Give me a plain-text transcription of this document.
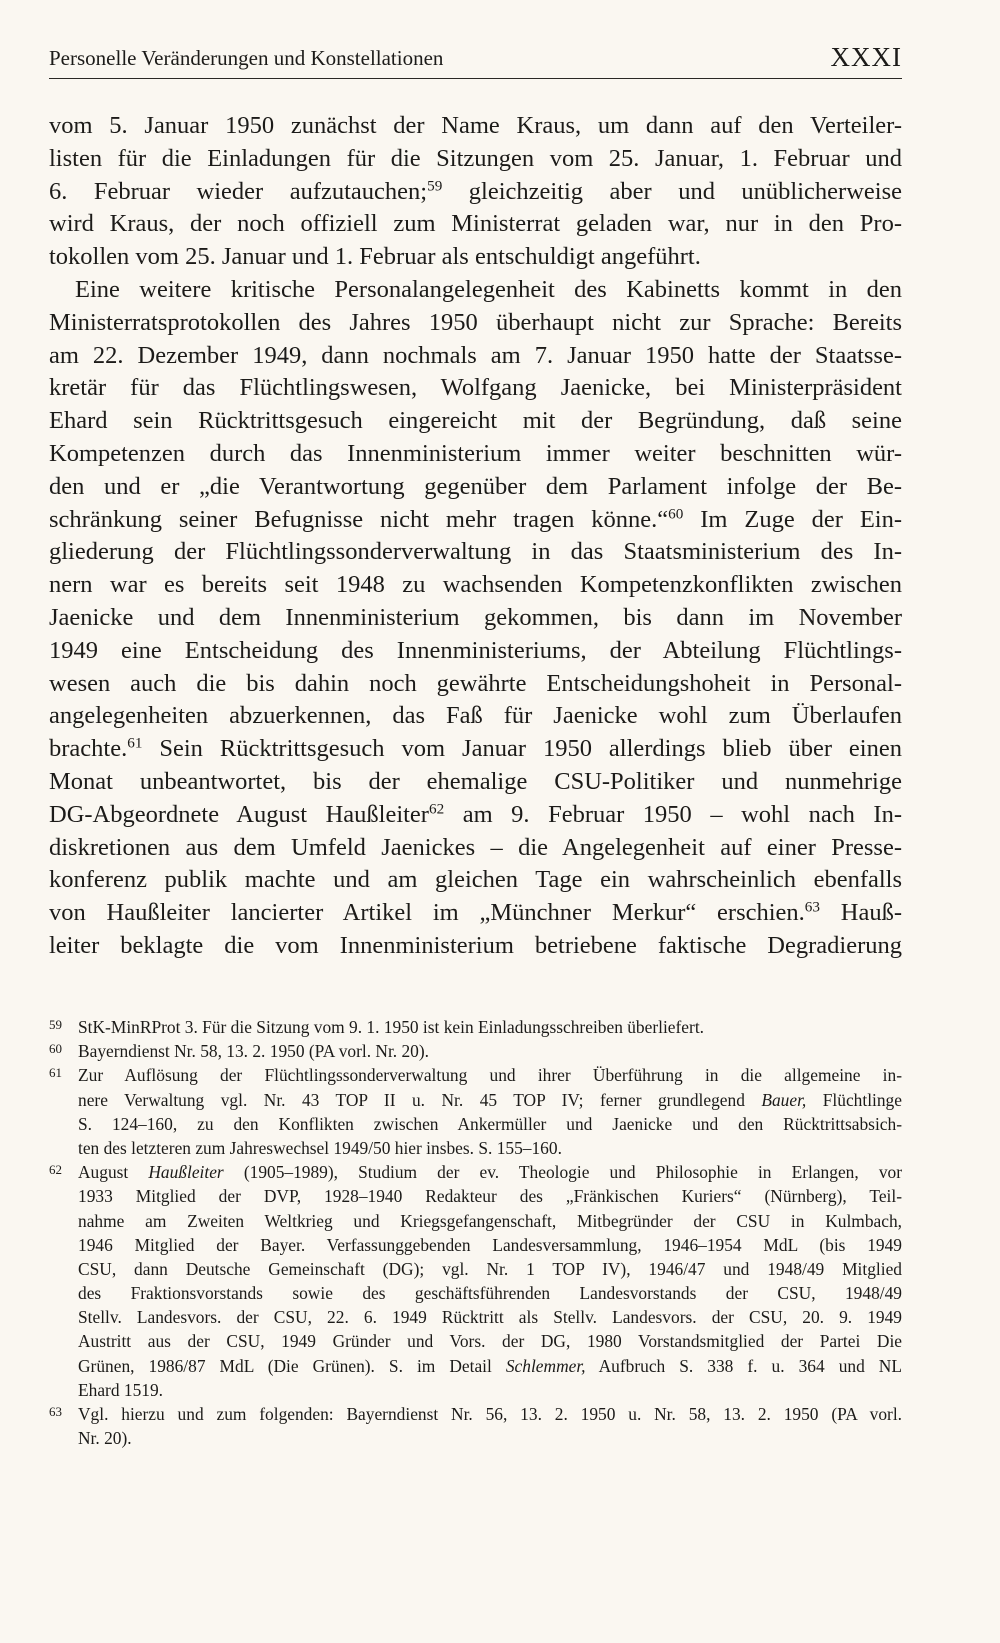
Personelle Veränderungen und Konstellationen	XXXI
vom 5. Januar 1950 zunächst der Name Kraus, um dann auf den Verteiler-
listen für die Einladungen für die Sitzungen vom 25. Januar, 1. Februar und
6. Februar wieder aufzutauchen;$^{59}$ gleichzeitig aber und unüblicherweise
wird Kraus, der noch offiziell zum Ministerrat geladen war, nur in den Pro-
tokollen vom 25. Januar und 1. Februar als entschuldigt angeführt.
Eine weitere kritische Personalangelegenheit des Kabinetts kommt in den
Ministerratsprotokollen des Jahres 1950 überhaupt nicht zur Sprache: Bereits
am 22. Dezember 1949, dann nochmals am 7. Januar 1950 hatte der Staatsse-
kretär für das Flüchtlingswesen, Wolfgang Jaenicke, bei Ministerpräsident
Ehard sein Rücktrittsgesuch eingereicht mit der Begründung, daß seine
Kompetenzen durch das Innenministerium immer weiter beschnitten wür-
den und er „die Verantwortung gegenüber dem Parlament infolge der Be-
schränkung seiner Befugnisse nicht mehr tragen könne.“$^{60}$ Im Zuge der Ein-
gliederung der Flüchtlingssonderverwaltung in das Staatsministerium des In-
nern war es bereits seit 1948 zu wachsenden Kompetenzkonflikten zwischen
Jaenicke und dem Innenministerium gekommen, bis dann im November
1949 eine Entscheidung des Innenministeriums, der Abteilung Flüchtlings-
wesen auch die bis dahin noch gewährte Entscheidungshoheit in Personal-
angelegenheiten abzuerkennen, das Faß für Jaenicke wohl zum Überlaufen
brachte.$^{61}$ Sein Rücktrittsgesuch vom Januar 1950 allerdings blieb über einen
Monat unbeantwortet, bis der ehemalige CSU-Politiker und nunmehrige
DG-Abgeordnete August Haußleiter$^{62}$ am 9. Februar 1950 – wohl nach In-
diskretionen aus dem Umfeld Jaenickes – die Angelegenheit auf einer Presse-
konferenz publik machte und am gleichen Tage ein wahrscheinlich ebenfalls
von Haußleiter lancierter Artikel im „Münchner Merkur“ erschien.$^{63}$ Hauß-
leiter beklagte die vom Innenministerium betriebene faktische Degradierung
59 StK-MinRProt 3. Für die Sitzung vom 9. 1. 1950 ist kein Einladungsschreiben überliefert.
60 Bayerndienst Nr. 58, 13. 2. 1950 (PA vorl. Nr. 20).
61 Zur Auflösung der Flüchtlingssonderverwaltung und ihrer Überführung in die allgemeine in-
nere Verwaltung vgl. Nr. 43 TOP II u. Nr. 45 TOP IV; ferner grundlegend Bauer, Flüchtlinge
S. 124–160, zu den Konflikten zwischen Ankermüller und Jaenicke und den Rücktrittsabsich-
ten des letzteren zum Jahreswechsel 1949/50 hier insbes. S. 155–160.
62 August Haußleiter (1905–1989), Studium der ev. Theologie und Philosophie in Erlangen, vor
1933 Mitglied der DVP, 1928–1940 Redakteur des „Fränkischen Kuriers“ (Nürnberg), Teil-
nahme am Zweiten Weltkrieg und Kriegsgefangenschaft, Mitbegründer der CSU in Kulmbach,
1946 Mitglied der Bayer. Verfassunggebenden Landesversammlung, 1946–1954 MdL (bis 1949
CSU, dann Deutsche Gemeinschaft (DG); vgl. Nr. 1 TOP IV), 1946/47 und 1948/49 Mitglied
des Fraktionsvorstands sowie des geschäftsführenden Landesvorstands der CSU, 1948/49
Stellv. Landesvors. der CSU, 22. 6. 1949 Rücktritt als Stellv. Landesvors. der CSU, 20. 9. 1949
Austritt aus der CSU, 1949 Gründer und Vors. der DG, 1980 Vorstandsmitglied der Partei Die
Grünen, 1986/87 MdL (Die Grünen). S. im Detail Schlemmer, Aufbruch S. 338 f. u. 364 und NL
Ehard 1519.
63 Vgl. hierzu und zum folgenden: Bayerndienst Nr. 56, 13. 2. 1950 u. Nr. 58, 13. 2. 1950 (PA vorl.
Nr. 20).
